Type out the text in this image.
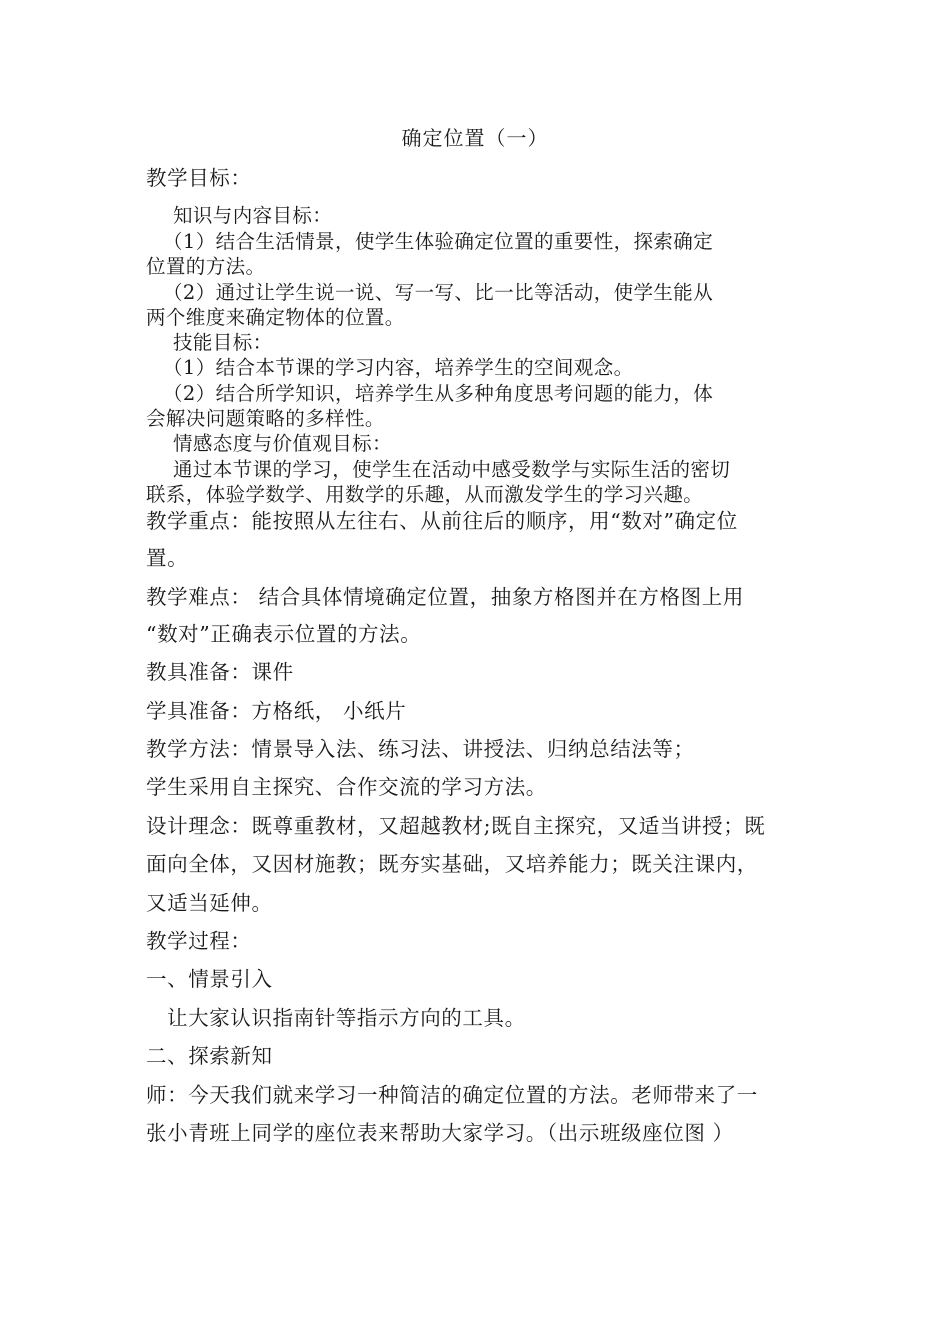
确定位置（一）
教学目标：
知识与内容目标：
（1）结合生活情景，使学生体验确定位置的重要性，探索确定
位置的方法。
（2）通过让学生说一说、写一写、比一比等活动，使学生能从
两个维度来确定物体的位置。
技能目标：
（1）结合本节课的学习内容，培养学生的空间观念。
（2）结合所学知识，培养学生从多种角度思考问题的能力，体
会解决问题策略的多样性。
情感态度与价值观目标：
通过本节课的学习，使学生在活动中感受数学与实际生活的密切
联系，体验学数学、用数学的乐趣，从而激发学生的学习兴趣。
教学重点：能按照从左往右、从前往后的顺序，用“数对”确定位
置。
教学难点： 结合具体情境确定位置，抽象方格图并在方格图上用
“数对”正确表示位置的方法。
教具准备：课件
学具准备：方格纸， 小纸片
教学方法：情景导入法、练习法、讲授法、归纳总结法等；
学生采用自主探究、合作交流的学习方法。
设计理念：既尊重教材，又超越教材;既自主探究，又适当讲授；既
面向全体，又因材施教；既夯实基础，又培养能力；既关注课内，
又适当延伸。
教学过程：
一、情景引入
让大家认识指南针等指示方向的工具。
二、探索新知
师：今天我们就来学习一种简洁的确定位置的方法。老师带来了一
张小青班上同学的座位表来帮助大家学习。（出示班级座位图 ）
